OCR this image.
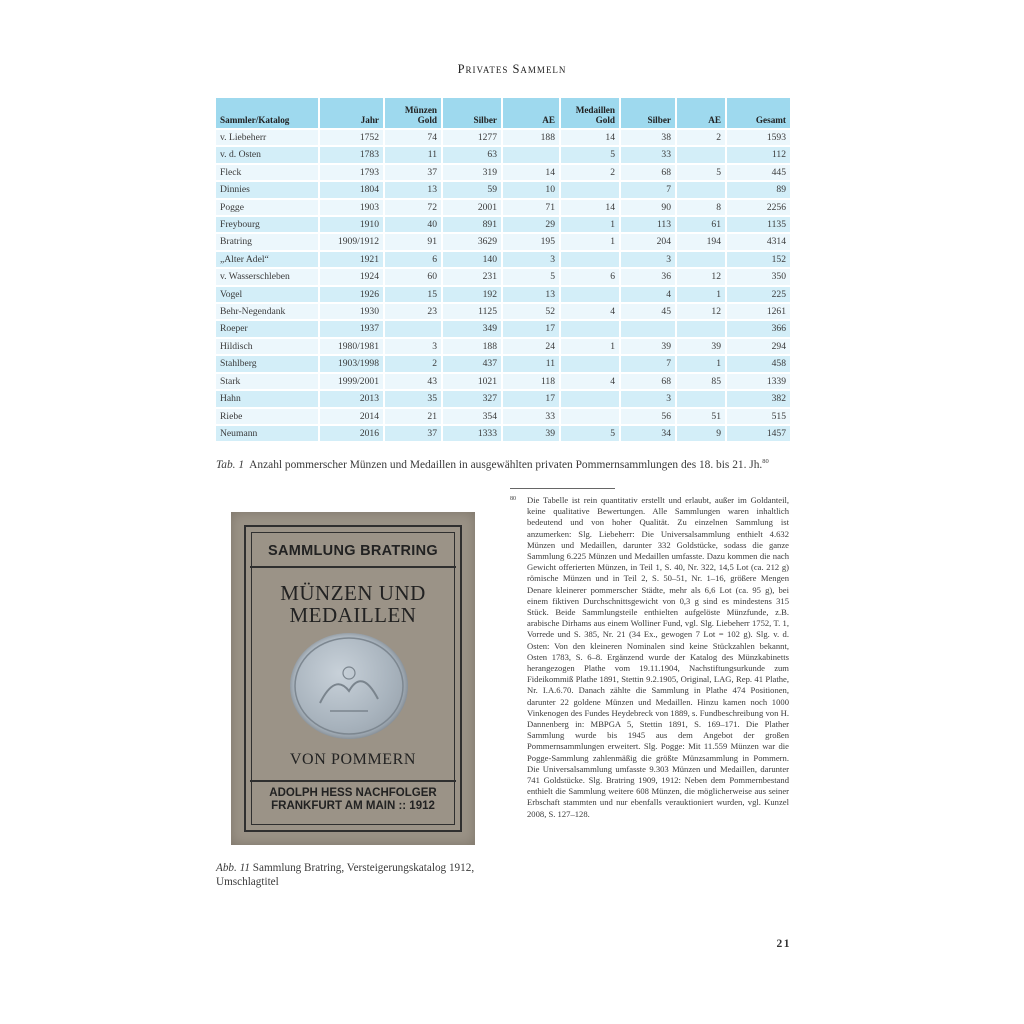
Privates Sammeln
Sammler/Katalog	Jahr	Münzen Gold	Silber	AE	Medaillen Gold	Silber	AE	Gesamt
v. Liebeherr	1752	74	1277	188	14	38	2	1593
v. d. Osten	1783	11	63		5	33		112
Fleck	1793	37	319	14	2	68	5	445
Dinnies	1804	13	59	10		7		89
Pogge	1903	72	2001	71	14	90	8	2256
Freybourg	1910	40	891	29	1	113	61	1135
Bratring	1909/1912	91	3629	195	1	204	194	4314
„Alter Adel“	1921	6	140	3		3		152
v. Wasserschleben	1924	60	231	5	6	36	12	350
Vogel	1926	15	192	13		4	1	225
Behr-Negendank	1930	23	1125	52	4	45	12	1261
Roeper	1937		349	17				366
Hildisch	1980/1981	3	188	24	1	39	39	294
Stahlberg	1903/1998	2	437	11		7	1	458
Stark	1999/2001	43	1021	118	4	68	85	1339
Hahn	2013	35	327	17		3		382
Riebe	2014	21	354	33		56	51	515
Neumann	2016	37	1333	39	5	34	9	1457
Tab. 1 Anzahl pommerscher Münzen und Medaillen in ausgewählten privaten Pommernsammlungen des 18. bis 21. Jh.$^{80}$
80 Die Tabelle ist rein quantitativ erstellt und erlaubt, außer im Goldanteil, keine qualitative Bewertungen. Alle Sammlungen waren inhaltlich bedeutend und von hoher Qualität. Zu einzelnen Sammlung ist anzumerken: Slg. Liebeherr: Die Universalsammlung enthielt 4.632 Münzen und Medaillen, darunter 332 Goldstücke, sodass die ganze Sammlung 6.225 Münzen und Medaillen umfasste. Dazu kommen die nach Gewicht offerierten Münzen, in Teil 1, S. 40, Nr. 322, 14,5 Lot (ca. 212 g) römische Münzen und in Teil 2, S. 50–51, Nr. 1–16, größere Mengen Denare kleinerer pommerscher Städte, mehr als 6,6 Lot (ca. 95 g), bei einem fiktiven Durchschnittsgewicht von 0,3 g sind es mindestens 315 Stück. Beide Sammlungsteile enthielten aufgelöste Münzfunde, z.B. arabische Dirhams aus einem Wolliner Fund, vgl. Slg. Liebeherr 1752, T. 1, Vorrede und S. 385, Nr. 21 (34 Ex., gewogen 7 Lot = 102 g). Slg. v. d. Osten: Von den kleineren Nominalen sind keine Stückzahlen bekannt, Osten 1783, S. 6–8. Ergänzend wurde der Katalog des Münzkabinetts herangezogen Plathe vom 19.11.1904, Nachstiftungsurkunde zum Fideikommiß Plathe 1891, Stettin 9.2.1905, Original, LAG, Rep. 41 Plathe, Nr. I.A.6.70. Danach zählte die Sammlung in Plathe 474 Positionen, darunter 22 goldene Münzen und Medaillen. Hinzu kamen noch 1000 Vinkenogen des Fundes Heydebreck von 1889, s. Fundbeschreibung von H. Dannenberg in: MBPGA 5, Stettin 1891, S. 169–171. Die Plather Sammlung wurde bis 1945 aus dem Angebot der großen Pommernsammlungen erweitert. Slg. Pogge: Mit 11.559 Münzen war die Pogge-Sammlung zahlenmäßig die größte Münzsammlung in Pommern. Die Universalsammlung umfasste 9.303 Münzen und Medaillen, darunter 741 Goldstücke. Slg. Bratring 1909, 1912: Neben dem Pommernbestand enthielt die Sammlung weitere 608 Münzen, die möglicherweise aus seiner Erbschaft stammten und nur ebenfalls verauktioniert wurden, vgl. Kunzel 2008, S. 127–128.
SAMMLUNG BRATRING
MÜNZEN UND
MEDAILLEN
VON POMMERN
ADOLPH HESS NACHFOLGER
FRANKFURT AM MAIN :: 1912
Abb. 11 Sammlung Bratring, Versteigerungskatalog 1912, Umschlagtitel
21
